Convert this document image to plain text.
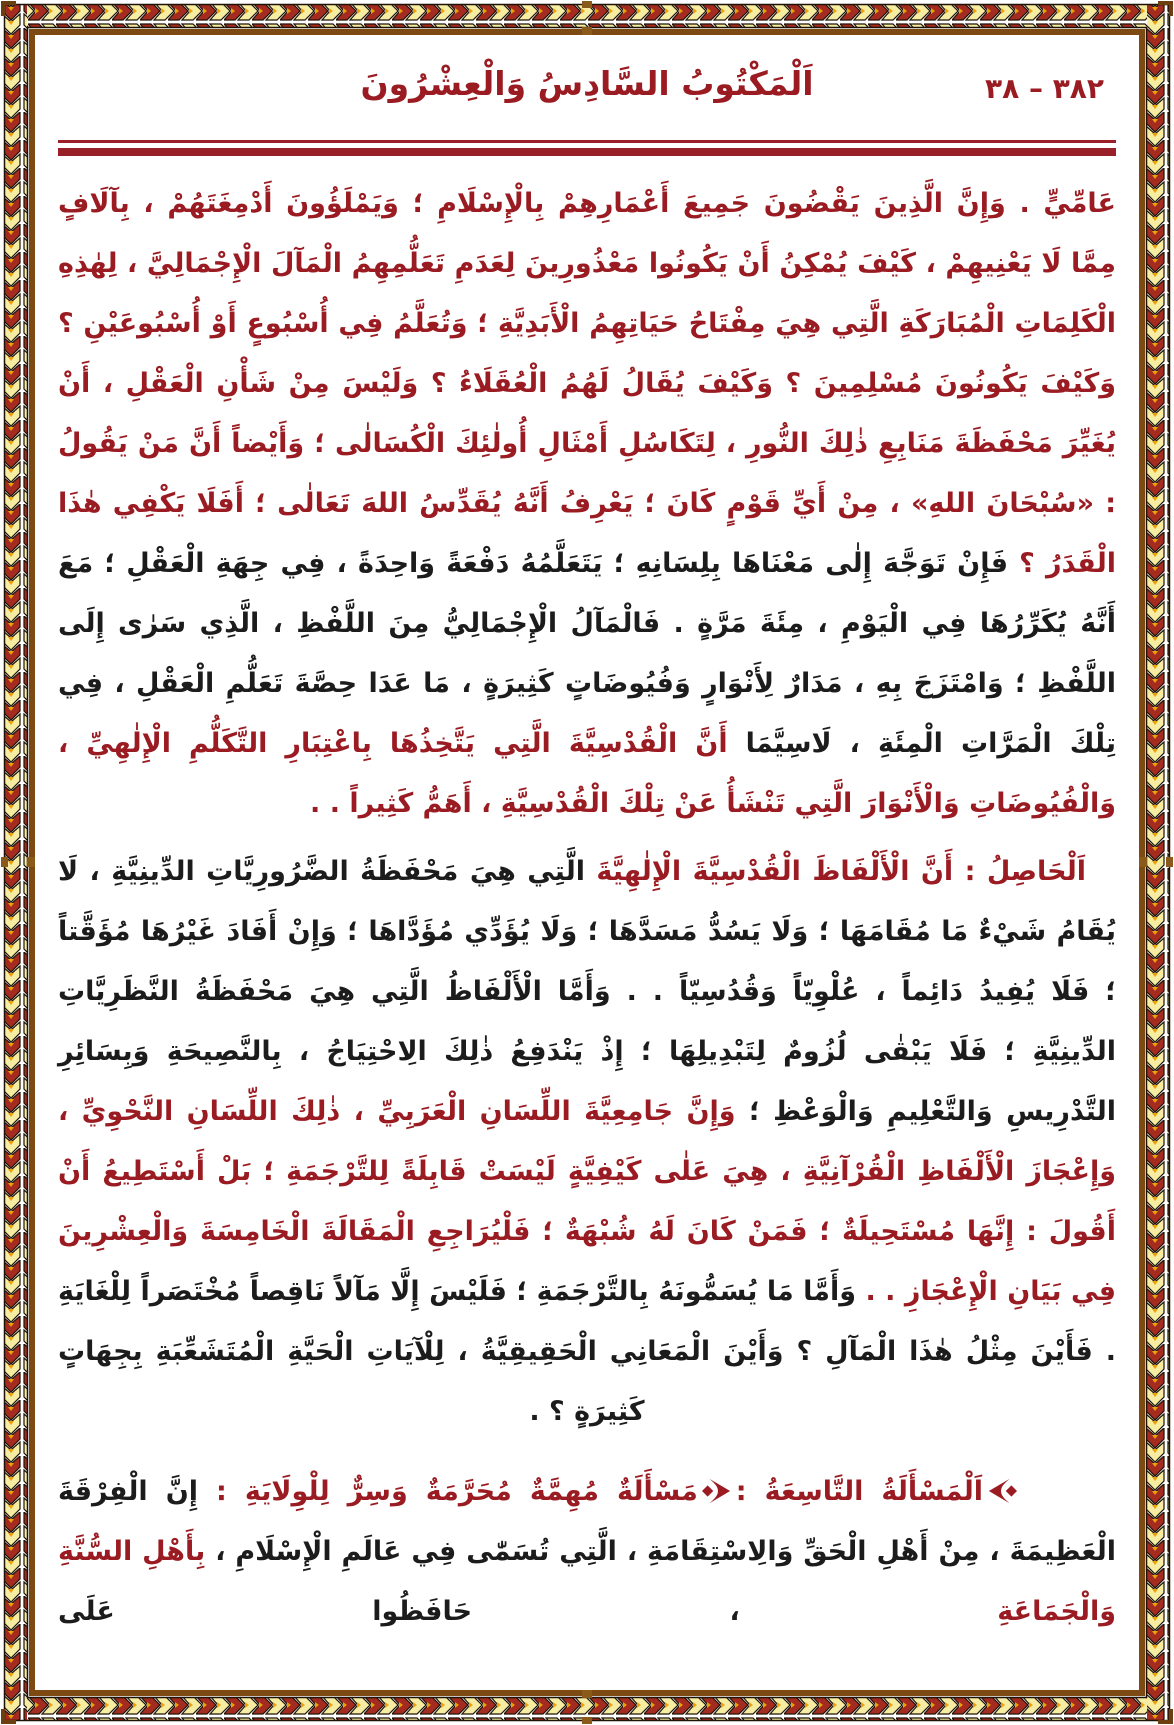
اَلْمَكْتُوبُ السَّادِسُ وَالْعِشْرُونَ	٣٨٢ – ٣٨

عَامِّيٍّ . وَإِنَّ الَّذِينَ يَقْضُونَ جَمِيعَ أَعْمَارِهِمْ بِالْإِسْلَامِ ؛ وَيَمْلَؤُونَ أَدْمِغَتَهُمْ ، بِآلَافٍ مِمَّا لَا يَعْنِيهِمْ ، كَيْفَ يُمْكِنُ أَنْ يَكُونُوا مَعْذُورِينَ لِعَدَمِ تَعَلُّمِهِمُ الْمَآلَ الْإِجْمَالِيَّ ، لِهٰذِهِ الْكَلِمَاتِ الْمُبَارَكَةِ الَّتِي هِيَ مِفْتَاحُ حَيَاتِهِمُ الْأَبَدِيَّةِ ؛ وَتُعَلَّمُ فِي أُسْبُوعٍ أَوْ أُسْبُوعَيْنِ ؟ وَكَيْفَ يَكُونُونَ مُسْلِمِينَ ؟ وَكَيْفَ يُقَالُ لَهُمُ الْعُقَلَاءُ ؟ وَلَيْسَ مِنْ شَأْنِ الْعَقْلِ ، أَنْ يُغَيِّرَ مَحْفَظَةَ مَنَابِعِ ذٰلِكَ النُّورِ ، لِتَكَاسُلِ أَمْثَالِ أُولٰئِكَ الْكُسَالٰى ؛ وَأَيْضاً أَنَّ مَنْ يَقُولُ : «سُبْحَانَ اللهِ» ، مِنْ أَيِّ قَوْمٍ كَانَ ؛ يَعْرِفُ أَنَّهُ يُقَدِّسُ اللهَ تَعَالٰى ؛ أَفَلَا يَكْفِي هٰذَا الْقَدَرُ ؟ فَإِنْ تَوَجَّهَ إِلٰى مَعْنَاهَا بِلِسَانِهِ ؛ يَتَعَلَّمُهُ دَفْعَةً وَاحِدَةً ، فِي جِهَةِ الْعَقْلِ ؛ مَعَ أَنَّهُ يُكَرِّرُهَا فِي الْيَوْمِ ، مِئَةَ مَرَّةٍ . فَالْمَآلُ الْإِجْمَالِيُّ مِنَ اللَّفْظِ ، الَّذِي سَرٰى إِلَى اللَّفْظِ ؛ وَامْتَزَجَ بِهِ ، مَدَارٌ لِأَنْوَارٍ وَفُيُوضَاتٍ كَثِيرَةٍ ، مَا عَدَا حِصَّةَ تَعَلُّمِ الْعَقْلِ ، فِي تِلْكَ الْمَرَّاتِ الْمِئَةِ ، لَاسِيَّمَا أَنَّ الْقُدْسِيَّةَ الَّتِي يَتَّخِذُهَا بِاعْتِبَارِ التَّكَلُّمِ الْإِلٰهِيِّ ، وَالْفُيُوضَاتِ وَالْأَنْوَارَ الَّتِي تَنْشَأُ عَنْ تِلْكَ الْقُدْسِيَّةِ ، أَهَمُّ كَثِيراً . .

اَلْحَاصِلُ : أَنَّ الْأَلْفَاظَ الْقُدْسِيَّةَ الْإِلٰهِيَّةَ الَّتِي هِيَ مَحْفَظَةُ الضَّرُورِيَّاتِ الدِّينِيَّةِ ، لَا يُقَامُ شَيْءٌ مَا مُقَامَهَا ؛ وَلَا يَسُدُّ مَسَدَّهَا ؛ وَلَا يُؤَدِّي مُؤَدَّاهَا ؛ وَإِنْ أَفَادَ غَيْرُهَا مُؤَقَّتاً ؛ فَلَا يُفِيدُ دَائِماً ، عُلْوِيّاً وَقُدُسِيّاً . . وَأَمَّا الْأَلْفَاظُ الَّتِي هِيَ مَحْفَظَةُ النَّظَرِيَّاتِ الدِّينِيَّةِ ؛ فَلَا يَبْقٰى لُزُومٌ لِتَبْدِيلِهَا ؛ إِذْ يَنْدَفِعُ ذٰلِكَ الِاحْتِيَاجُ ، بِالنَّصِيحَةِ وَبِسَائِرِ التَّدْرِيسِ وَالتَّعْلِيمِ وَالْوَعْظِ ؛ وَإِنَّ جَامِعِيَّةَ اللِّسَانِ الْعَرَبِيِّ ، ذٰلِكَ اللِّسَانِ النَّحْوِيِّ ، وَإِعْجَازَ الْأَلْفَاظِ الْقُرْآنِيَّةِ ، هِيَ عَلٰى كَيْفِيَّةٍ لَيْسَتْ قَابِلَةً لِلتَّرْجَمَةِ ؛ بَلْ أَسْتَطِيعُ أَنْ أَقُولَ : إِنَّهَا مُسْتَحِيلَةٌ ؛ فَمَنْ كَانَ لَهُ شُبْهَةٌ ؛ فَلْيُرَاجِعِ الْمَقَالَةَ الْخَامِسَةَ وَالْعِشْرِينَ فِي بَيَانِ الْإِعْجَازِ . . وَأَمَّا مَا يُسَمُّونَهُ بِالتَّرْجَمَةِ ؛ فَلَيْسَ إِلَّا مَآلاً نَاقِصاً مُخْتَصَراً لِلْغَايَةِ . فَأَيْنَ مِثْلُ هٰذَا الْمَآلِ ؟ وَأَيْنَ الْمَعَانِي الْحَقِيقِيَّةُ ، لِلْآيَاتِ الْحَيَّةِ الْمُتَشَعِّبَةِ بِجِهَاتٍ كَثِيرَةٍ ؟ .

اَلْمَسْأَلَةُ التَّاسِعَةُ :مَسْأَلَةٌ مُهِمَّةٌ مُحَرَّمَةٌ وَسِرٌّ لِلْوِلَايَةِ : إِنَّ الْفِرْقَةَ الْعَظِيمَةَ ، مِنْ أَهْلِ الْحَقِّ وَالِاسْتِقَامَةِ ، الَّتِي تُسَمّٰى فِي عَالَمِ الْإِسْلَامِ ، بِأَهْلِ السُّنَّةِ وَالْجَمَاعَةِ ، حَافَظُوا عَلَى
